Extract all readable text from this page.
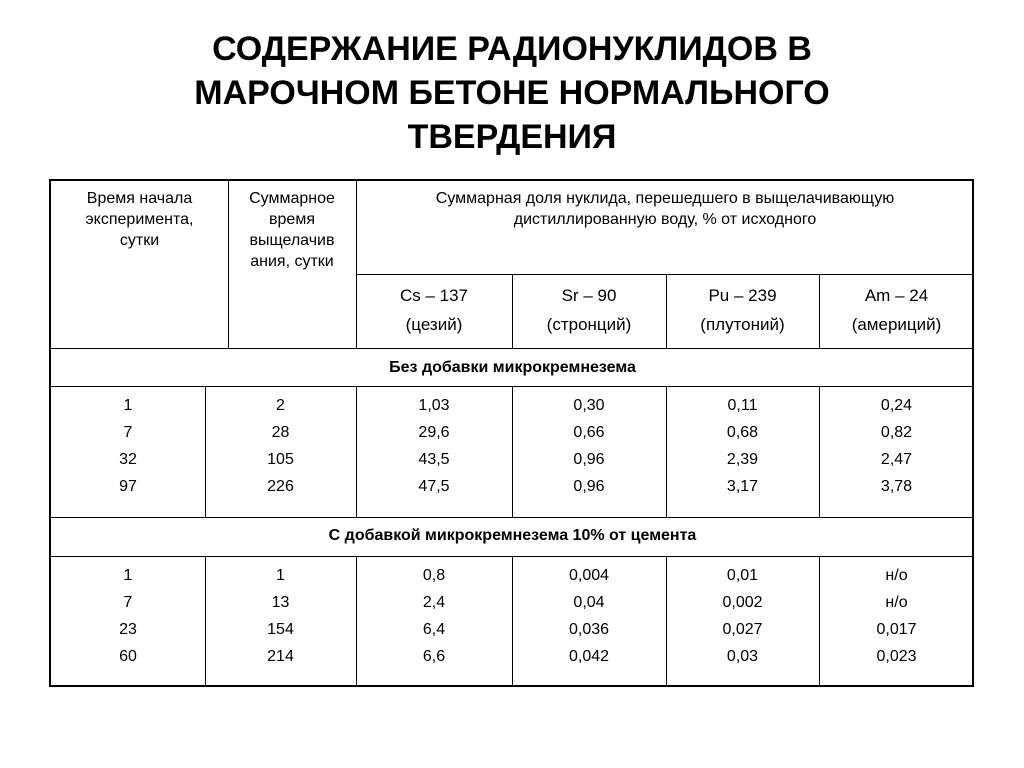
СОДЕРЖАНИЕ РАДИОНУКЛИДОВ В
МАРОЧНОМ БЕТОНЕ НОРМАЛЬНОГО
ТВЕРДЕНИЯ
Время начала
эксперимента,
сутки
Суммарное
время
выщелачив
ания, сутки
Суммарная доля нуклида, перешедшего в выщелачивающую
дистиллированную воду, % от исходного
Cs – 137
(цезий)
Sr – 90
(стронций)
Pu – 239
(плутоний)
Am – 24
(америций)
Без добавки микрокремнезема
1
7
32
97
2
28
105
226
1,03
29,6
43,5
47,5
0,30
0,66
0,96
0,96
0,11
0,68
2,39
3,17
0,24
0,82
2,47
3,78
С добавкой микрокремнезема 10% от цемента
1
7
23
60
1
13
154
214
0,8
2,4
6,4
6,6
0,004
0,04
0,036
0,042
0,01
0,002
0,027
0,03
н/о
н/о
0,017
0,023
